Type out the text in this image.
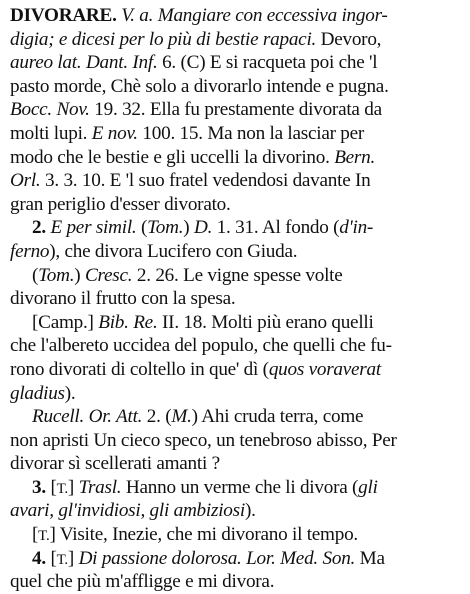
DIVORARE. V. a. Mangiare con eccessiva ingor-
digia; e dicesi per lo più di bestie rapaci. Devoro,
aureo lat. Dant. Inf. 6. (C) E si racqueta poi che 'l
pasto morde, Chè solo a divorarlo intende e pugna.
Bocc. Nov. 19. 32. Ella fu prestamente divorata da
molti lupi. E nov. 100. 15. Ma non la lasciar per
modo che le bestie e gli uccelli la divorino. Bern.
Orl. 3. 3. 10. E 'l suo fratel vedendosi davante In
gran periglio d'esser divorato.
2. E per simil. (Tom.) D. 1. 31. Al fondo (d'in-
ferno), che divora Lucifero con Giuda.
(Tom.) Cresc. 2. 26. Le vigne spesse volte
divorano il frutto con la spesa.
[Camp.] Bib. Re. II. 18. Molti più erano quelli
che l'albereto uccidea del populo, che quelli che fu-
rono divorati di coltello in que' dì (quos voraverat
gladius).
Rucell. Or. Att. 2. (M.) Ahi cruda terra, come
non apristi Un cieco speco, un tenebroso abisso, Per
divorar sì scellerati amanti ?
3. [T.] Trasl. Hanno un verme che li divora (gli
avari, gl'invidiosi, gli ambiziosi).
[T.] Visite, Inezie, che mi divorano il tempo.
4. [T.] Di passione dolorosa. Lor. Med. Son. Ma
quel che più m'affligge e mi divora.
